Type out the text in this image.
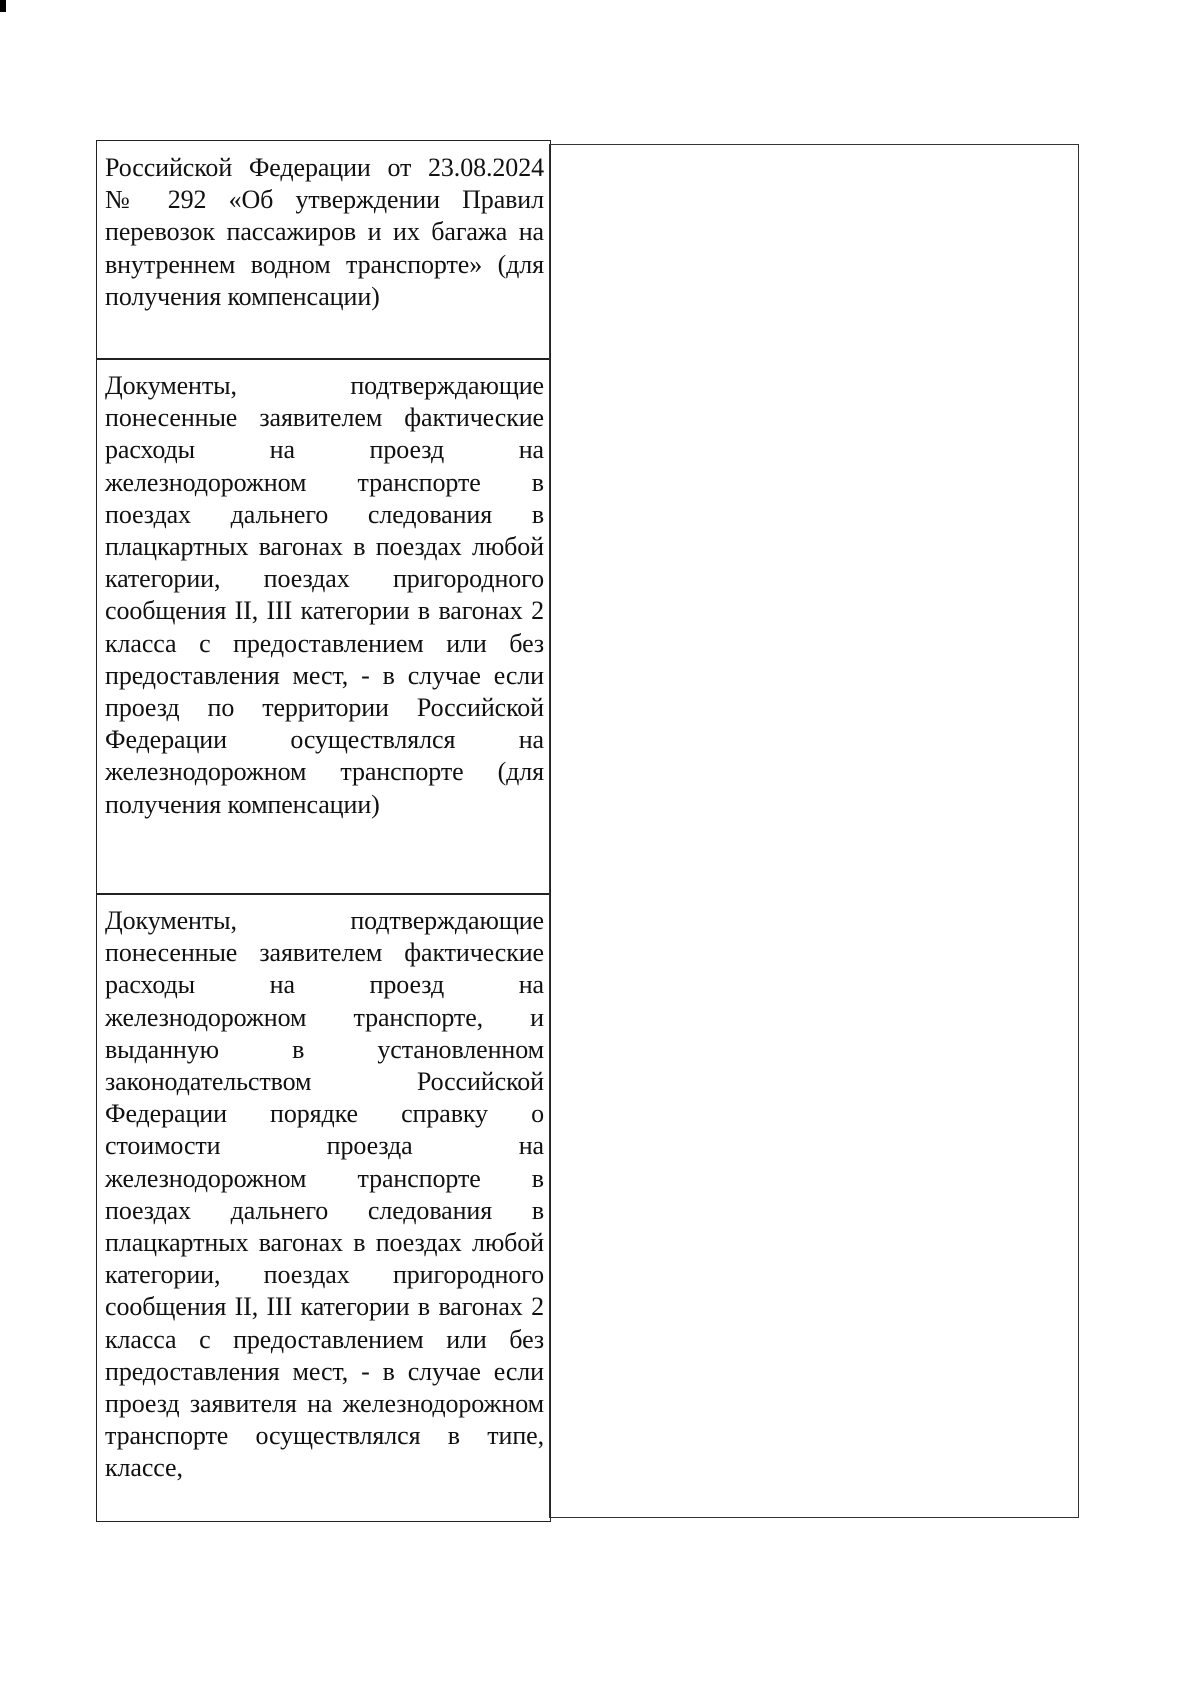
Российской Федерации от 23.08.2024 № 292 «Об утверждении Правил перевозок пассажиров и их багажа на внутреннем водном транспорте» (для получения компенсации)

Документы, подтверждающие понесенные заявителем фактические расходы на проезд на железнодорожном транспорте в поездах дальнего следования в плацкартных вагонах в поездах любой категории, поездах пригородного сообщения II, III категории в вагонах 2 класса с предоставлением или без предоставления мест, - в случае если проезд по территории Российской Федерации осуществлялся на железнодорожном транспорте (для получения компенсации)

Документы, подтверждающие понесенные заявителем фактические расходы на проезд на железнодорожном транспорте, и выданную в установленном законодательством Российской Федерации порядке справку о стоимости проезда на железнодорожном транспорте в поездах дальнего следования в плацкартных вагонах в поездах любой категории, поездах пригородного сообщения II, III категории в вагонах 2 класса с предоставлением или без предоставления мест, - в случае если проезд заявителя на железнодорожном транспорте осуществлялся в типе, классе,
